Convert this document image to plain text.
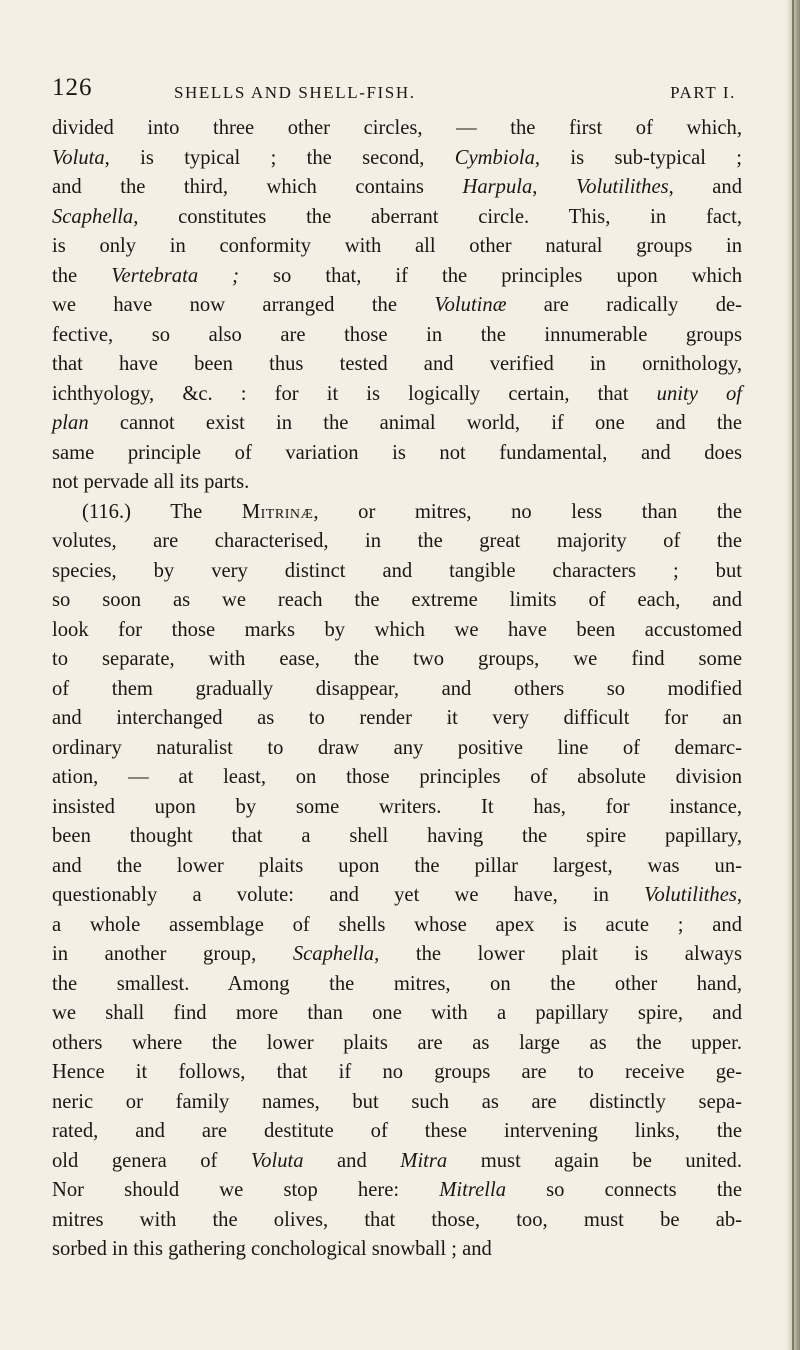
126	SHELLS AND SHELL-FISH.	PART I.
divided into three other circles, — the first of which,
Voluta, is typical ; the second, Cymbiola, is sub-typical ;
and the third, which contains Harpula, Volutilithes, and
Scaphella, constitutes the aberrant circle. This, in fact,
is only in conformity with all other natural groups in
the Vertebrata ; so that, if the principles upon which
we have now arranged the Volutinæ are radically de-
fective, so also are those in the innumerable groups
that have been thus tested and verified in ornithology,
ichthyology, &c. : for it is logically certain, that unity of
plan cannot exist in the animal world, if one and the
same principle of variation is not fundamental, and does
not pervade all its parts.
(116.) The Mitrinæ, or mitres, no less than the
volutes, are characterised, in the great majority of the
species, by very distinct and tangible characters ; but
so soon as we reach the extreme limits of each, and
look for those marks by which we have been accustomed
to separate, with ease, the two groups, we find some
of them gradually disappear, and others so modified
and interchanged as to render it very difficult for an
ordinary naturalist to draw any positive line of demarc-
ation, — at least, on those principles of absolute division
insisted upon by some writers. It has, for instance,
been thought that a shell having the spire papillary,
and the lower plaits upon the pillar largest, was un-
questionably a volute: and yet we have, in Volutilithes,
a whole assemblage of shells whose apex is acute ; and
in another group, Scaphella, the lower plait is always
the smallest. Among the mitres, on the other hand,
we shall find more than one with a papillary spire, and
others where the lower plaits are as large as the upper.
Hence it follows, that if no groups are to receive ge-
neric or family names, but such as are distinctly sepa-
rated, and are destitute of these intervening links, the
old genera of Voluta and Mitra must again be united.
Nor should we stop here: Mitrella so connects the
mitres with the olives, that those, too, must be ab-
sorbed in this gathering conchological snowball ; and
